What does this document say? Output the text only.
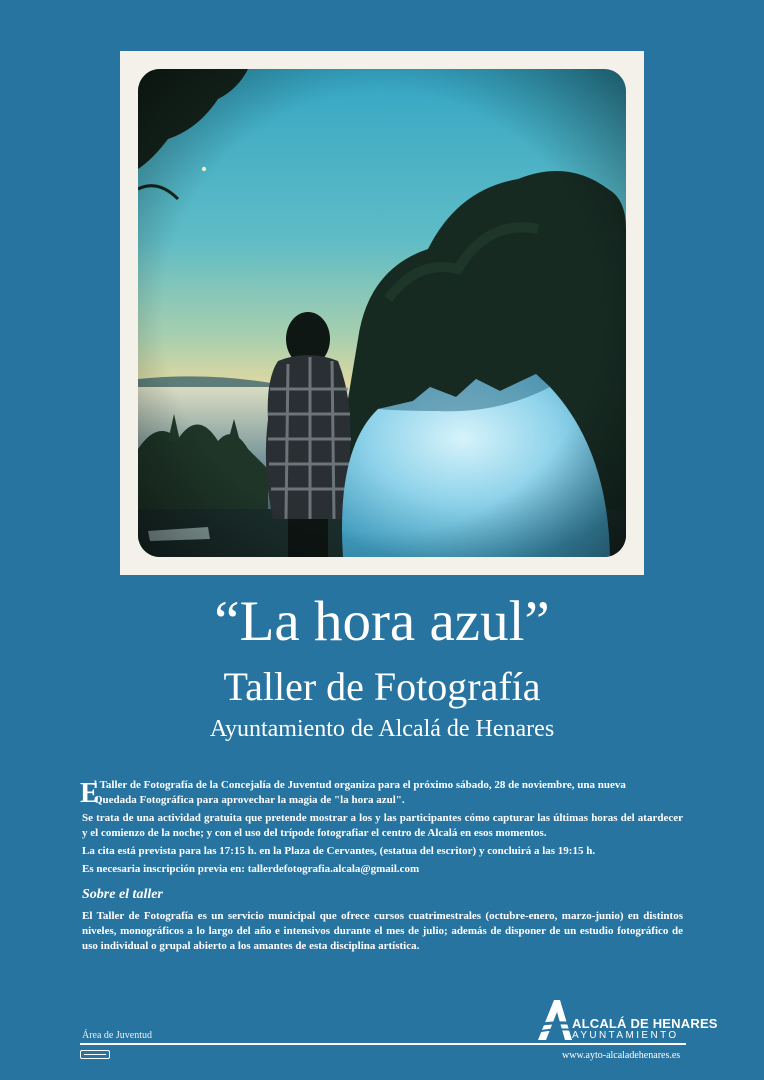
“La hora azul”
Taller de Fotografía
Ayuntamiento de Alcalá de Henares

E
l Taller de Fotografía de la Concejalía de Juventud organiza para el próximo sábado, 28 de noviembre, una nueva
Quedada Fotográfica para aprovechar la magia de "la hora azul".

Se trata de una actividad gratuita que pretende mostrar a los y las participantes cómo capturar las últimas horas del atardecer y el comienzo de la noche; y con el uso del trípode fotografiar el centro de Alcalá en esos momentos.

La cita está prevista para las 17:15 h. en la Plaza de Cervantes, (estatua del escritor) y concluirá a las 19:15 h.

Es necesaria inscripción previa en: tallerdefotografia.alcala@gmail.com

Sobre el taller
El Taller de Fotografía es un servicio municipal que ofrece cursos cuatrimestrales (octubre-enero, marzo-junio) en distintos niveles, monográficos a lo largo del año e intensivos durante el mes de julio; además de disponer de un estudio fotográfico de uso individual o grupal abierto a los amantes de esta disciplina artística.
Área de Juventud
ALCALÁ DE HENARES
AYUNTAMIENTO
www.ayto-alcaladehenares.es
